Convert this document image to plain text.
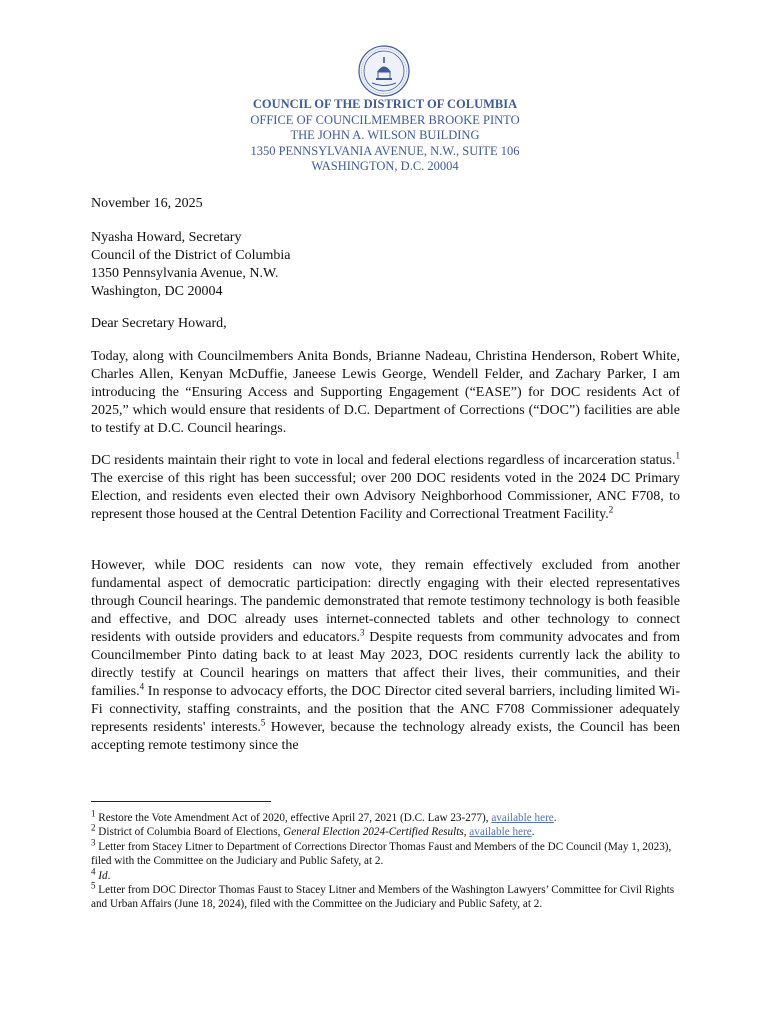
COUNCIL OF THE DISTRICT OF COLUMBIA
OFFICE OF COUNCILMEMBER BROOKE PINTO
THE JOHN A. WILSON BUILDING
1350 PENNSYLVANIA AVENUE, N.W., SUITE 106
WASHINGTON, D.C. 20004
November 16, 2025
Nyasha Howard, Secretary
Council of the District of Columbia
1350 Pennsylvania Avenue, N.W.
Washington, DC 20004
Dear Secretary Howard,

Today, along with Councilmembers Anita Bonds, Brianne Nadeau, Christina Henderson, Robert White, Charles Allen, Kenyan McDuffie, Janeese Lewis George, Wendell Felder, and Zachary Parker, I am introducing the “Ensuring Access and Supporting Engagement (“EASE”) for DOC residents Act of 2025,” which would ensure that residents of D.C. Department of Corrections (“DOC”) facilities are able to testify at D.C. Council hearings.

DC residents maintain their right to vote in local and federal elections regardless of incarceration status.$^1$ The exercise of this right has been successful; over 200 DOC residents voted in the 2024 DC Primary Election, and residents even elected their own Advisory Neighborhood Commissioner, ANC F708, to represent those housed at the Central Detention Facility and Correctional Treatment Facility.$^2$

However, while DOC residents can now vote, they remain effectively excluded from another fundamental aspect of democratic participation: directly engaging with their elected representatives through Council hearings. The pandemic demonstrated that remote testimony technology is both feasible and effective, and DOC already uses internet-connected tablets and other technology to connect residents with outside providers and educators.$^3$ Despite requests from community advocates and from Councilmember Pinto dating back to at least May 2023, DOC residents currently lack the ability to directly testify at Council hearings on matters that affect their lives, their communities, and their families.$^4$ In response to advocacy efforts, the DOC Director cited several barriers, including limited Wi-Fi connectivity, staffing constraints, and the position that the ANC F708 Commissioner adequately represents residents' interests.$^5$ However, because the technology already exists, the Council has been accepting remote testimony since the

$^1$ Restore the Vote Amendment Act of 2020, effective April 27, 2021 (D.C. Law 23-277), available here.

$^2$ District of Columbia Board of Elections, General Election 2024-Certified Results, available here.

$^3$ Letter from Stacey Litner to Department of Corrections Director Thomas Faust and Members of the DC Council (May 1, 2023), filed with the Committee on the Judiciary and Public Safety, at 2.

$^4$ Id.

$^5$ Letter from DOC Director Thomas Faust to Stacey Litner and Members of the Washington Lawyers’ Committee for Civil Rights and Urban Affairs (June 18, 2024), filed with the Committee on the Judiciary and Public Safety, at 2.
